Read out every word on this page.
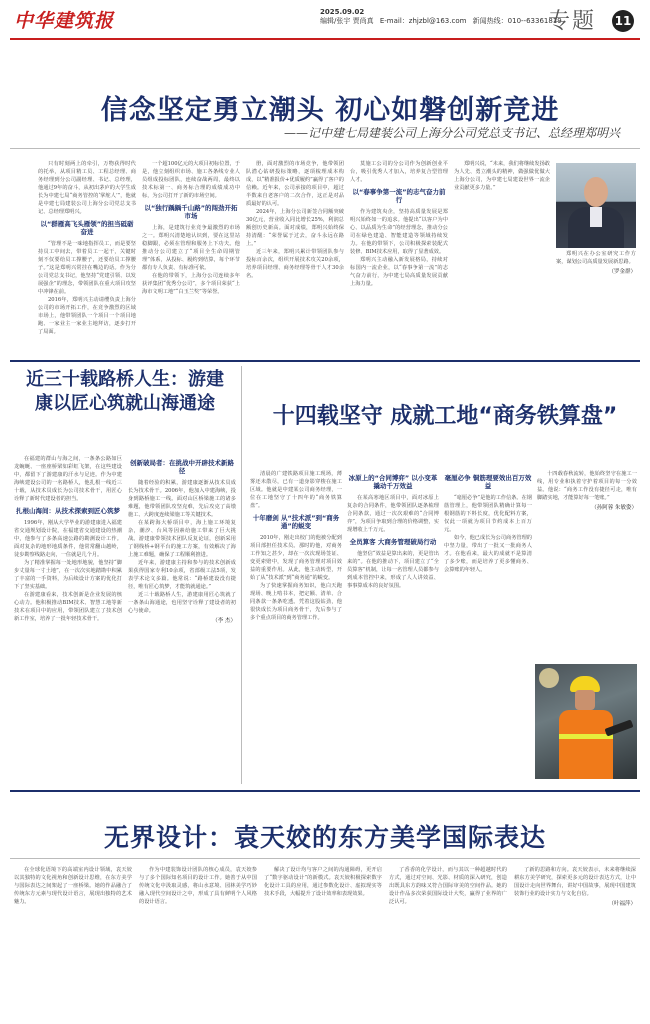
中华建筑报	2025.09.02
编辑/张宇 贾尚真 E-mail：zhjzbl@163.com 新闻热线：010--63361819
专题 11
信念坚定勇立潮头 初心如磐创新竞进
——记中建七局建装公司上海分公司党总支书记、总经理郑明兴

只有时刻两上的牵引，万物获得时代的托举，从项目精工员、工程总经理、商务经理到分公司副经理、书记、总经理，他通过9年的奋斗，从初出茅庐的大学生成长为中建七局“商务管控的‘掌舵人’”，他就是中建七局建装公司上海分公司党总支书记、总经理郑明兴。

以“群雁高飞头雁领”的担当砥砺奋进

“管理不是一味地指挥员工，而是要坚持员工中间去，带着员工一起干，关键时刻不仅要给员工撑腰子，还要给员工撑腰子。”这是郑明兴常挂在嘴边的话。作为分公司党总支书记，他坚持“党建引领、以发展强企”的理念，带领团队在重大项目攻坚中冲锋在前。

2016年，郑明兴主动请缨负责上海分公司的市场开拓工作，在竞争激烈的区域市场上，他带领团队一个项目一个项目地跑、一家业主一家业主地拜访，逐步打开了局面。

一个超100亿元的大项目初标位置，于是，他立刻组织市场、施工各条线专业人员组成投标团队，连续奋战两周，最终以技术标第一、商务标合理的成绩成功中标，为公司打开了新的市场空间。

以“独行踽踽千山路”的闯劲开拓市场

上海，是建筑行业竞争最激烈的市场之一。郑明兴清楚地认识到，要在这里站稳脚跟，必须在管理和服务上下功夫。他推动分公司建立了“项目全生命周期管理”体系，从投标、履约到结算，每个环节都有专人负责、有标准可依。

在他的带领下，上海分公司连续多年获评集团“优秀分公司”，多个项目荣获“上海市文明工地”“白玉兰奖”等荣誉。

册，面对激烈的市场竞争，他带领团队潜心钻研投标策略，逐项梳理成本构成，以“精准报价+优质履约”赢得了客户的信赖。近年来，公司承接的项目中，超过半数来自老客户的二次合作，这正是对品质最好的认可。

2024年，上海分公司新签合同额突破30亿元，营业收入同比增长25%，利润总额创历史新高。面对成绩，郑明兴始终保持清醒：“荣誉属于过去，奋斗永远在路上。”

近三年来，郑明兴累计带领团队参与投标百余次，组织开展技术攻关20余项，培养项目经理、商务经理等骨干人才30余名。

莫施工公司的分公司作为创新创业平台，吸引优秀人才加入，培养复合型管理人才。

以“春事争第一流”的志气奋力前行

作为建筑央企，坚持高质量发展是郑明兴始终如一的追求。他提出“以客户为中心、以品质为生命”的经营理念，推动分公司在绿色建造、智能建造等领域持续发力。在他的带领下，公司积极探索装配式装修、BIM技术应用，取得了显著成效。

郑明兴主动融入新发展格局，持续对标国内一流企业，以“春事争第一流”的志气奋力前行，为中建七局高质量发展贡献上海力量。

郑明兴说，“未来，我们将继续发扬敢为人先、勇立潮头的精神，做强做优做大上海分公司，为中建七局建设世界一流企业贡献更多力量。”

郑明兴在办公室研究工作方案，谋划公司高质量发展新思路。

（罗金群）
近三十载路桥人生：游建康以匠心筑就山海通途

在福建的群山与海之间，一条条公路如巨龙蜿蜒、一座座桥梁如彩虹飞架，在这些建设中，都留下了游建康的汗水与足迹。作为中建海峡建设公司的一名路桥人，他扎根一线近三十载，从技术员成长为公司技术骨干，用匠心诠释了新时代建设者的担当。

扎根山海间：从技术探索到匠心筑梦

1996年，刚从大学毕业的游建康进入福建省交通规划设计院，在福建省交通建设的热潮中，他参与了多条高速公路的勘测设计工作。面对复杂的地形地质条件，他常常翻山越岭，徒步勘察线路走向，一住就是几个月。

为了精准掌握每一处地形地貌，他坚持“脚步丈量每一寸土地”，在一次次实地踏勘中积累了丰富的一手资料，为后续设计方案的优化打下了坚实基础。

在游建康看来，技术创新是企业发展的核心动力。他积极推动BIM技术、智慧工地等新技术在项目中的应用，带领团队建立了技术创新工作室，培养了一批年轻技术骨干。

创新破局者：在挑战中开辟技术新路径

随着经验的积累，游建康逐渐从技术员成长为技术骨干。2006年，他加入中建海峡，投身到路桥施工一线。面对山区桥梁施工的诸多难题，他带领团队攻坚克难，先后攻克了高墩施工、大跨度连续梁施工等关键技术。

在某跨海大桥项目中，海上施工环境复杂，潮汐、台风等因素给施工带来了巨大挑战。游建康带领技术团队反复论证，创新采用了钢栈桥+钢平台的施工方案，有效解决了海上施工难题，确保了工程顺利推进。

近年来，游建康主持和参与的技术创新成果获得国家专利10余项，省部级工法5项，发表学术论文多篇。他常说：“路桥建设没有捷径，唯有匠心筑梦，才能筑就通途。”

近三十载路桥人生，游建康用匠心筑就了一条条山海通途，也用坚守诠释了建设者的初心与使命。

（李 杰）
十四载坚守 成就工地“商务铁算盘”

清晨的广建铁路项目施工现场，薄雾还未散尽，已有一道身影穿梭在施工区域。他就是中建某公司商务经理，一位在工地坚守了十四年的“商务铁算盘”。

十年磨剑 从“技术派”到“商务通”的蜕变

2010年，刚走出校门的他被分配到项目部担任技术员。那时的他，对商务工作知之甚少，却在一次次现场签证、变更索赔中，发现了商务管理对项目效益的重要作用。从此，他主动转型，开始了从“技术派”到“商务通”的蜕变。

为了快速掌握商务知识，他白天跑现场、晚上啃书本，把定额、清单、合同条款一条条吃透。凭着这股钻劲，他很快成长为项目商务骨干，先后参与了多个重点项目的商务管理工作。

冰原上的“合同博弈” 以小变革撬动千万效益

在某高寒地区项目中，面对冰原上复杂的合同条件，他带领团队逐条梳理合同条款，通过一次次艰难的“合同博弈”，为项目争取到合理的价格调整，实现增收上千万元。

全员算客 大商务管理破局行动

他坚信“效益是算出来的，更是管出来的”。在他的推动下，项目建立了“全员算客”机制，让每一名管理人员都参与到成本管控中来，形成了人人讲效益、事事算成本的良好氛围。

毫厘必争 铜筋理要效出百万效益

“毫厘必争”是他的工作信条。在钢筋管理上，他带领团队精确计算每一根钢筋的下料长度，优化配料方案，仅此一项就为项目节约成本上百万元。

如今，他已成长为公司商务管理的中坚力量，带出了一批又一批商务人才。在他看来，最大的成就不是算清了多少账，而是培养了更多懂商务、会算账的年轻人。

十四载春秋流转，他始终坚守在施工一线，用专业和执着守护着项目的每一分效益。他说：“商务工作没有捷径可走，唯有脚踏实地，才能算好每一笔账。”

（孙阿蓉 朱敏姿）
无界设计：袁天姣的东方美学国际表达

在全球化语境下的高端室内设计领域，袁天姣以其独特的文化视角和创新设计思维，在东方美学与国际表达之间架起了一座桥梁。她的作品融合了传统东方元素与现代设计语言，展现出独特的艺术魅力。

作为中建装饰设计团队的核心成员，袁天姣参与了多个国际知名项目的设计工作。她善于从中国传统文化中汲取灵感，将山水意境、园林美学巧妙融入现代空间设计之中，形成了具有鲜明个人风格的设计语言。

解决了设计均与客户之间的沟通障碍，更开启了“数字驱动设计”的新模式。袁天姣积极探索数字化设计工具的应用，通过参数化设计、虚拟现实等技术手段，大幅提升了设计效率和表现效果。

了香香的化学设计，而与其以一种超越时代的方式，通过对空间、光影、材质的深入研究，创造出既具东方韵味又符合国际审美的空间作品。她的设计作品多次荣获国际设计大奖，赢得了业界的广泛认可。

了新的思路和方向。袁天姣表示，未来将继续深耕东方美学研究，探索更多元的设计表达方式，让中国设计走向世界舞台，讲好中国故事，展现中国建筑装饰行业的设计实力与文化自信。

（叶福萍）
